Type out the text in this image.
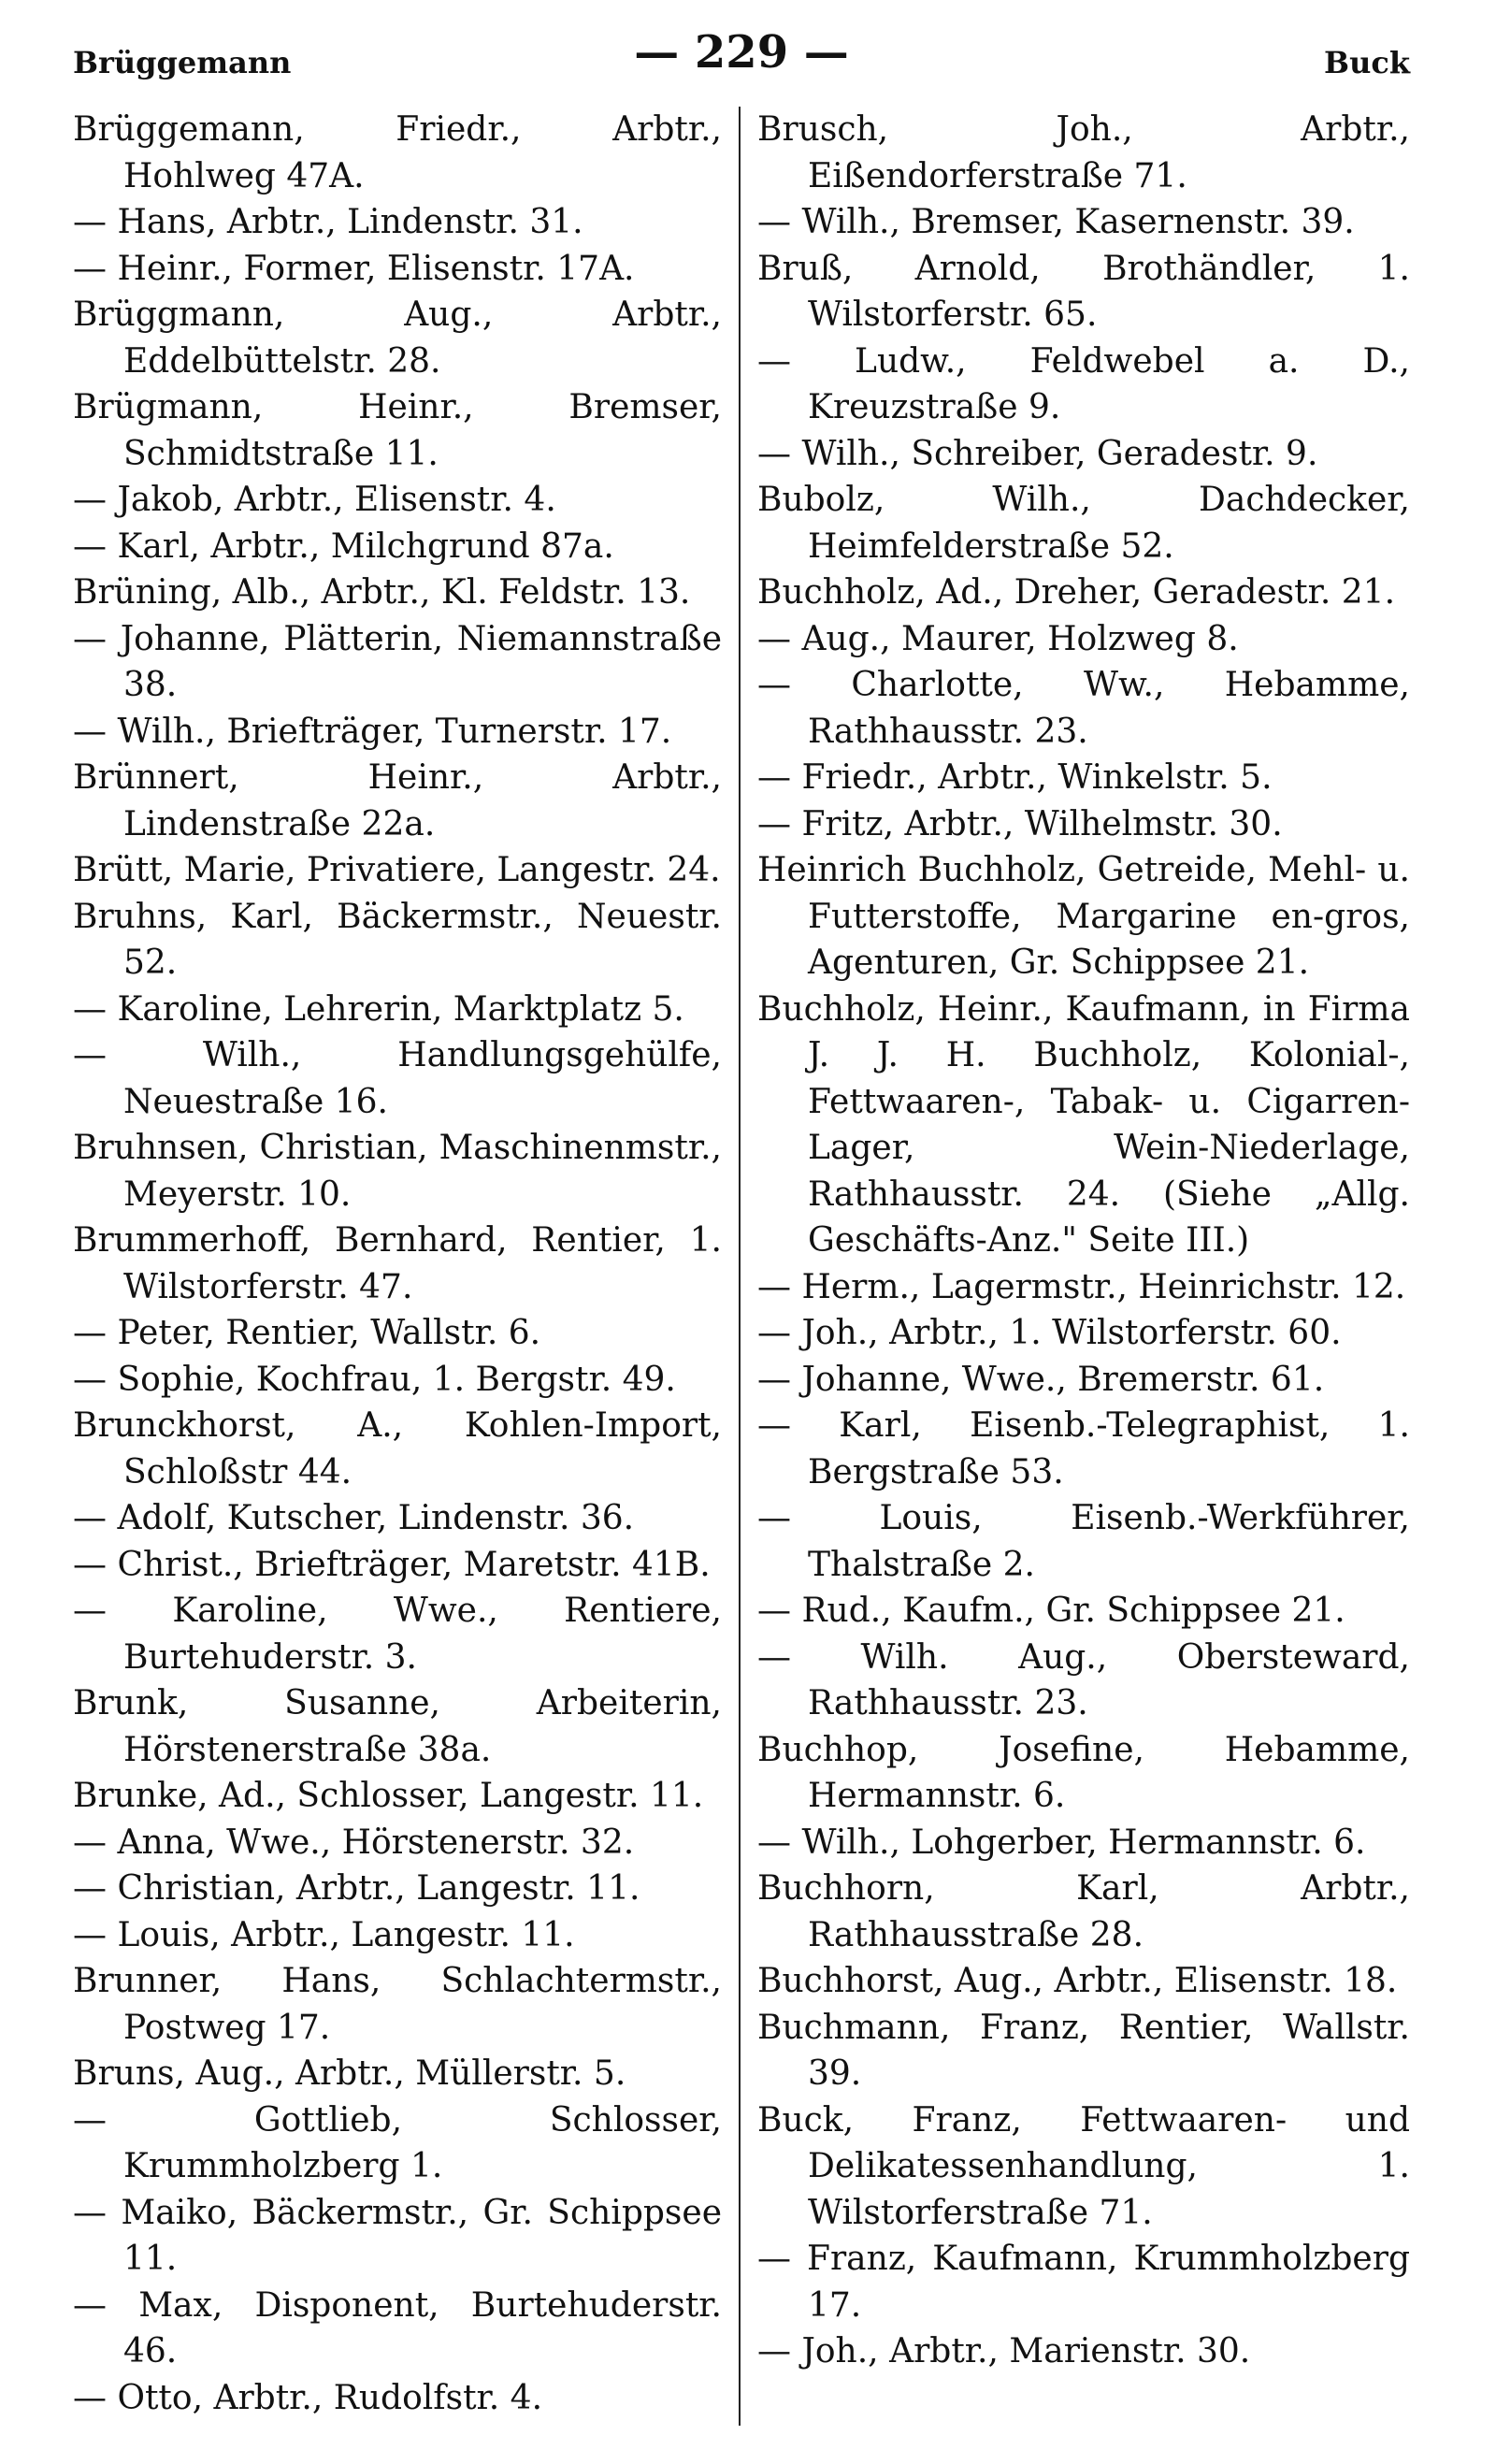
Brüggemann	— 229 —	Buck

Brüggemann, Friedr., Arbtr., Hohlweg 47A.

— Hans, Arbtr., Lindenstr. 31.

— Heinr., Former, Elisenstr. 17A.

Brüggmann, Aug., Arbtr., Eddelbüttelstr. 28.

Brügmann, Heinr., Bremser, Schmidtstraße 11.

— Jakob, Arbtr., Elisenstr. 4.

— Karl, Arbtr., Milchgrund 87a.

Brüning, Alb., Arbtr., Kl. Feldstr. 13.

— Johanne, Plätterin, Niemannstraße 38.

— Wilh., Briefträger, Turnerstr. 17.

Brünnert, Heinr., Arbtr., Lindenstraße 22a.

Brütt, Marie, Privatiere, Langestr. 24.

Bruhns, Karl, Bäckermstr., Neuestr. 52.

— Karoline, Lehrerin, Marktplatz 5.

— Wilh., Handlungsgehülfe, Neuestraße 16.

Bruhnsen, Christian, Maschinenmstr., Meyerstr. 10.

Brummerhoff, Bernhard, Rentier, 1. Wilstorferstr. 47.

— Peter, Rentier, Wallstr. 6.

— Sophie, Kochfrau, 1. Bergstr. 49.

Brunckhorst, A., Kohlen-Import, Schloßstr 44.

— Adolf, Kutscher, Lindenstr. 36.

— Christ., Briefträger, Maretstr. 41B.

— Karoline, Wwe., Rentiere, Burtehuderstr. 3.

Brunk, Susanne, Arbeiterin, Hörstenerstraße 38a.

Brunke, Ad., Schlosser, Langestr. 11.

— Anna, Wwe., Hörstenerstr. 32.

— Christian, Arbtr., Langestr. 11.

— Louis, Arbtr., Langestr. 11.

Brunner, Hans, Schlachtermstr., Postweg 17.

Bruns, Aug., Arbtr., Müllerstr. 5.

— Gottlieb, Schlosser, Krummholzberg 1.

— Maiko, Bäckermstr., Gr. Schippsee 11.

— Max, Disponent, Burtehuderstr. 46.

— Otto, Arbtr., Rudolfstr. 4.

Brusch, Joh., Arbtr., Eißendorferstraße 71.

— Wilh., Bremser, Kasernenstr. 39.

Bruß, Arnold, Brothändler, 1. Wilstorferstr. 65.

— Ludw., Feldwebel a. D., Kreuzstraße 9.

— Wilh., Schreiber, Geradestr. 9.

Bubolz, Wilh., Dachdecker, Heimfelderstraße 52.

Buchholz, Ad., Dreher, Geradestr. 21.

— Aug., Maurer, Holzweg 8.

— Charlotte, Ww., Hebamme, Rathhausstr. 23.

— Friedr., Arbtr., Winkelstr. 5.

— Fritz, Arbtr., Wilhelmstr. 30.

Heinrich Buchholz, Getreide, Mehl- u. Futterstoffe, Margarine en-gros, Agenturen, Gr. Schippsee 21.

Buchholz, Heinr., Kaufmann, in Firma J. J. H. Buchholz, Kolonial-, Fettwaaren-, Tabak- u. Cigarren-Lager, Wein-Niederlage, Rathhausstr. 24. (Siehe „Allg. Geschäfts-Anz." Seite III.)

— Herm., Lagermstr., Heinrichstr. 12.

— Joh., Arbtr., 1. Wilstorferstr. 60.

— Johanne, Wwe., Bremerstr. 61.

— Karl, Eisenb.-Telegraphist, 1. Bergstraße 53.

— Louis, Eisenb.-Werkführer, Thalstraße 2.

— Rud., Kaufm., Gr. Schippsee 21.

— Wilh. Aug., Obersteward, Rathhausstr. 23.

Buchhop, Josefine, Hebamme, Hermannstr. 6.

— Wilh., Lohgerber, Hermannstr. 6.

Buchhorn, Karl, Arbtr., Rathhausstraße 28.

Buchhorst, Aug., Arbtr., Elisenstr. 18.

Buchmann, Franz, Rentier, Wallstr. 39.

Buck, Franz, Fettwaaren- und Delikatessenhandlung, 1. Wilstorferstraße 71.

— Franz, Kaufmann, Krummholzberg 17.

— Joh., Arbtr., Marienstr. 30.
